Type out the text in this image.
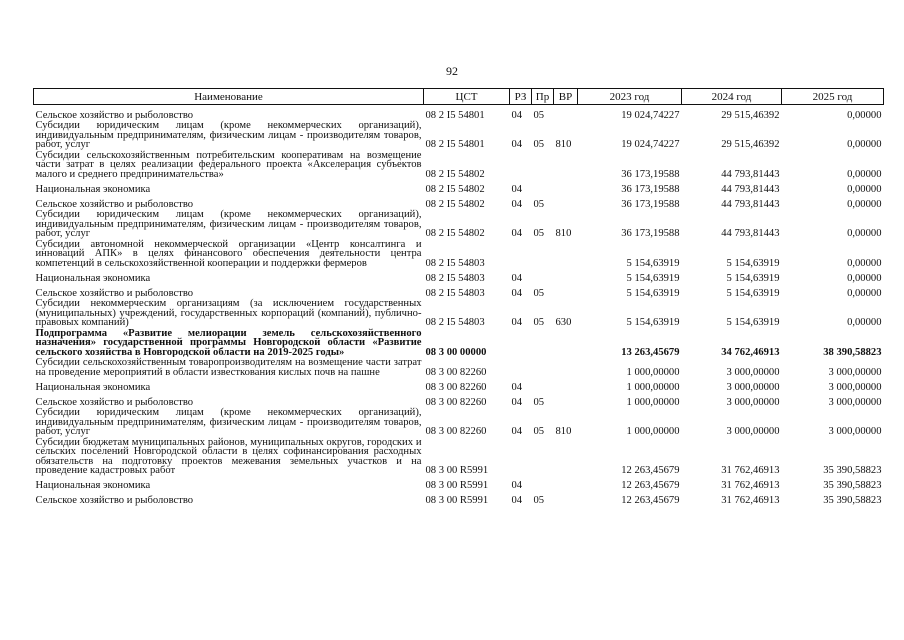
92
Наименование	ЦСТ	РЗ	Пр	ВР	2023 год	2024 год	2025 год
Сельское хозяйство и рыболовство	08 2 I5 54801	04	05		19 024,74227	29 515,46392	0,00000
Субсидии юридическим лицам (кроме некоммерческих организаций), индивидуальным предпринимателям, физическим лицам - производителям товаров, работ, услуг	08 2 I5 54801	04	05	810	19 024,74227	29 515,46392	0,00000
Субсидии сельскохозяйственным потребительским кооперативам на возмещение части затрат в целях реализации федерального проекта «Акселерация субъектов малого и среднего предпринимательства»	08 2 I5 54802				36 173,19588	44 793,81443	0,00000
Национальная экономика	08 2 I5 54802	04			36 173,19588	44 793,81443	0,00000
Сельское хозяйство и рыболовство	08 2 I5 54802	04	05		36 173,19588	44 793,81443	0,00000
Субсидии юридическим лицам (кроме некоммерческих организаций), индивидуальным предпринимателям, физическим лицам - производителям товаров, работ, услуг	08 2 I5 54802	04	05	810	36 173,19588	44 793,81443	0,00000
Субсидии автономной некоммерческой организации «Центр консалтинга и инноваций АПК» в целях финансового обеспечения деятельности центра компетенций в сельскохозяйственной кооперации и поддержки фермеров	08 2 I5 54803				5 154,63919	5 154,63919	0,00000
Национальная экономика	08 2 I5 54803	04			5 154,63919	5 154,63919	0,00000
Сельское хозяйство и рыболовство	08 2 I5 54803	04	05		5 154,63919	5 154,63919	0,00000
Субсидии некоммерческим организациям (за исключением государственных (муниципальных) учреждений, государственных корпораций (компаний), публично-правовых компаний)	08 2 I5 54803	04	05	630	5 154,63919	5 154,63919	0,00000
Подпрограмма «Развитие мелиорации земель сельскохозяйственного назначения» государственной программы Новгородской области «Развитие сельского хозяйства в Новгородской области на 2019-2025 годы»	08 3 00 00000				13 263,45679	34 762,46913	38 390,58823
Субсидии сельскохозяйственным товаропроизводителям на возмещение части затрат на проведение мероприятий в области известкования кислых почв на пашне	08 3 00 82260				1 000,00000	3 000,00000	3 000,00000
Национальная экономика	08 3 00 82260	04			1 000,00000	3 000,00000	3 000,00000
Сельское хозяйство и рыболовство	08 3 00 82260	04	05		1 000,00000	3 000,00000	3 000,00000
Субсидии юридическим лицам (кроме некоммерческих организаций), индивидуальным предпринимателям, физическим лицам - производителям товаров, работ, услуг	08 3 00 82260	04	05	810	1 000,00000	3 000,00000	3 000,00000
Субсидии бюджетам муниципальных районов, муниципальных округов, городских и сельских поселений Новгородской области в целях софинансирования расходных обязательств на подготовку проектов межевания земельных участков и на проведение кадастровых работ	08 3 00 R5991				12 263,45679	31 762,46913	35 390,58823
Национальная экономика	08 3 00 R5991	04			12 263,45679	31 762,46913	35 390,58823
Сельское хозяйство и рыболовство	08 3 00 R5991	04	05		12 263,45679	31 762,46913	35 390,58823
